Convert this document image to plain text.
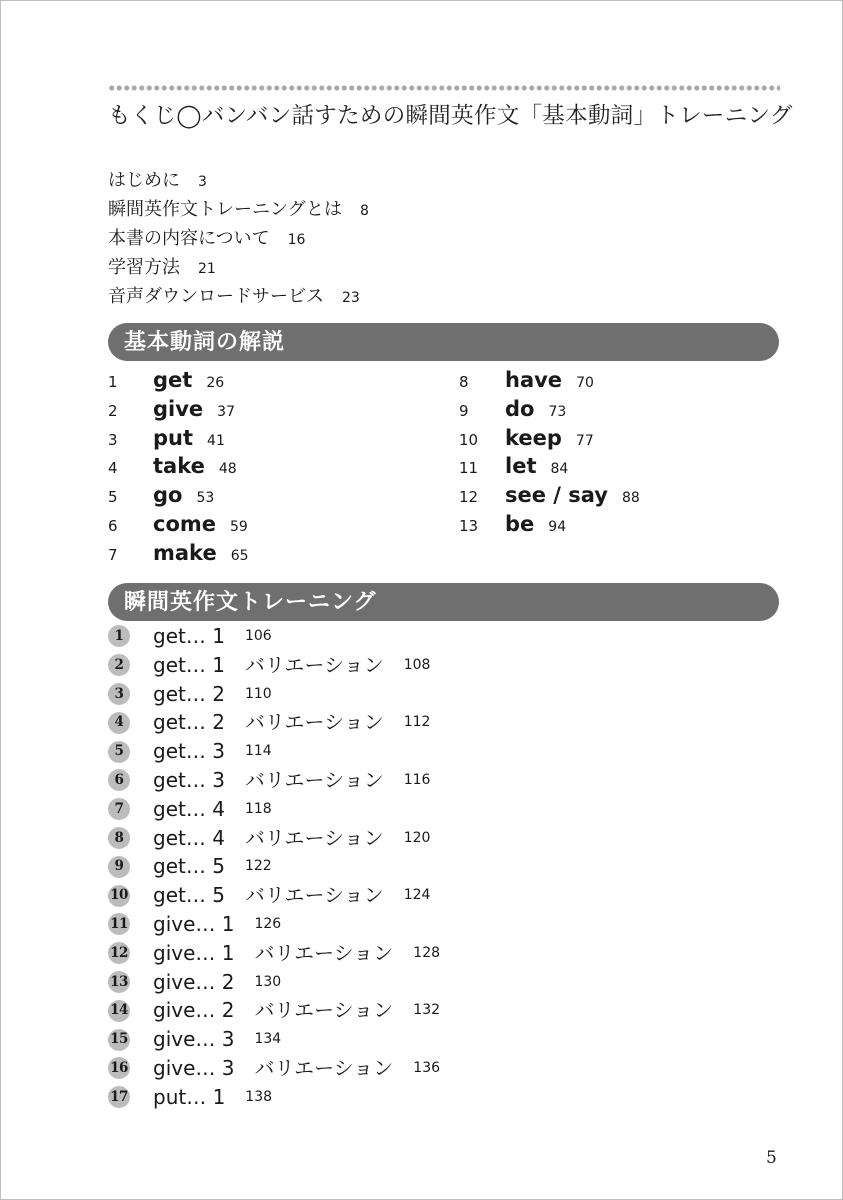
もくじ◯バンバン話すための瞬間英作文「基本動詞」トレーニング
はじめに 3
瞬間英作文トレーニングとは 8
本書の内容について 16
学習方法 21
音声ダウンロードサービス 23
基本動詞の解説
1 get 26
2 give 37
3 put 41
4 take 48
5 go 53
6 come 59
7 make 65
8 have 70
9 do 73
10 keep 77
11 let 84
12 see / say 88
13 be 94
瞬間英作文トレーニング
1	get… 1 106
2	get… 1　バリエーション 108
3	get… 2 110
4	get… 2　バリエーション 112
5	get… 3 114
6	get… 3　バリエーション 116
7	get… 4 118
8	get… 4　バリエーション 120
9	get… 5 122
10 get… 5　バリエーション 124
11 give… 1 126
12 give… 1　バリエーション 128
13 give… 2 130
14 give… 2　バリエーション 132
15 give… 3 134
16 give… 3　バリエーション 136
17 put… 1 138
5
